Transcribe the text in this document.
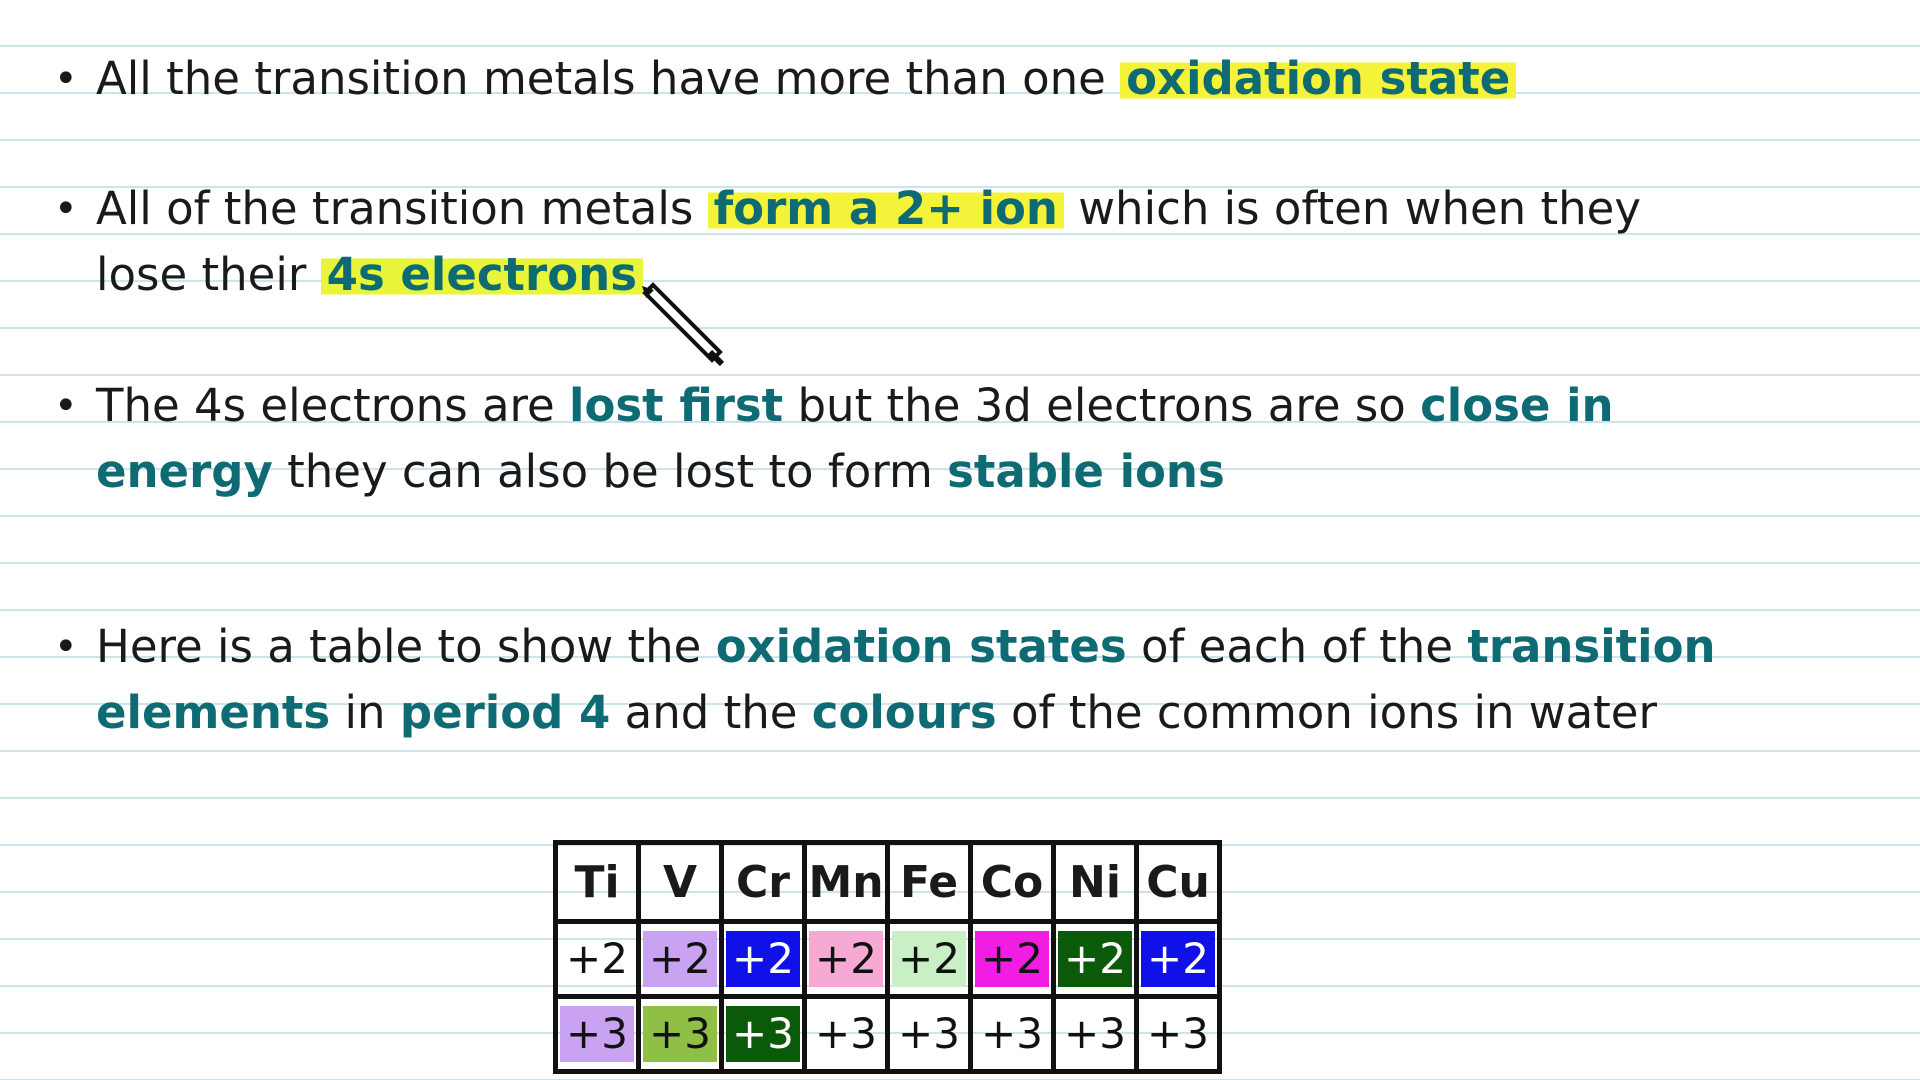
• All the transition metals have more than one oxidation state
• All of the transition metals form a 2+ ion which is often when they lose their 4s electrons
• The 4s electrons are lost first but the 3d electrons are so close in energy they can also be lost to form stable ions
• Here is a table to show the oxidation states of each of the transition elements in period 4 and the colours of the common ions in water
Ti	V	Cr	Mn	Fe	Co	Ni	Cu
+2	+2	+2	+2	+2	+2	+2	+2
+3	+3	+3	+3	+3	+3	+3	+3
